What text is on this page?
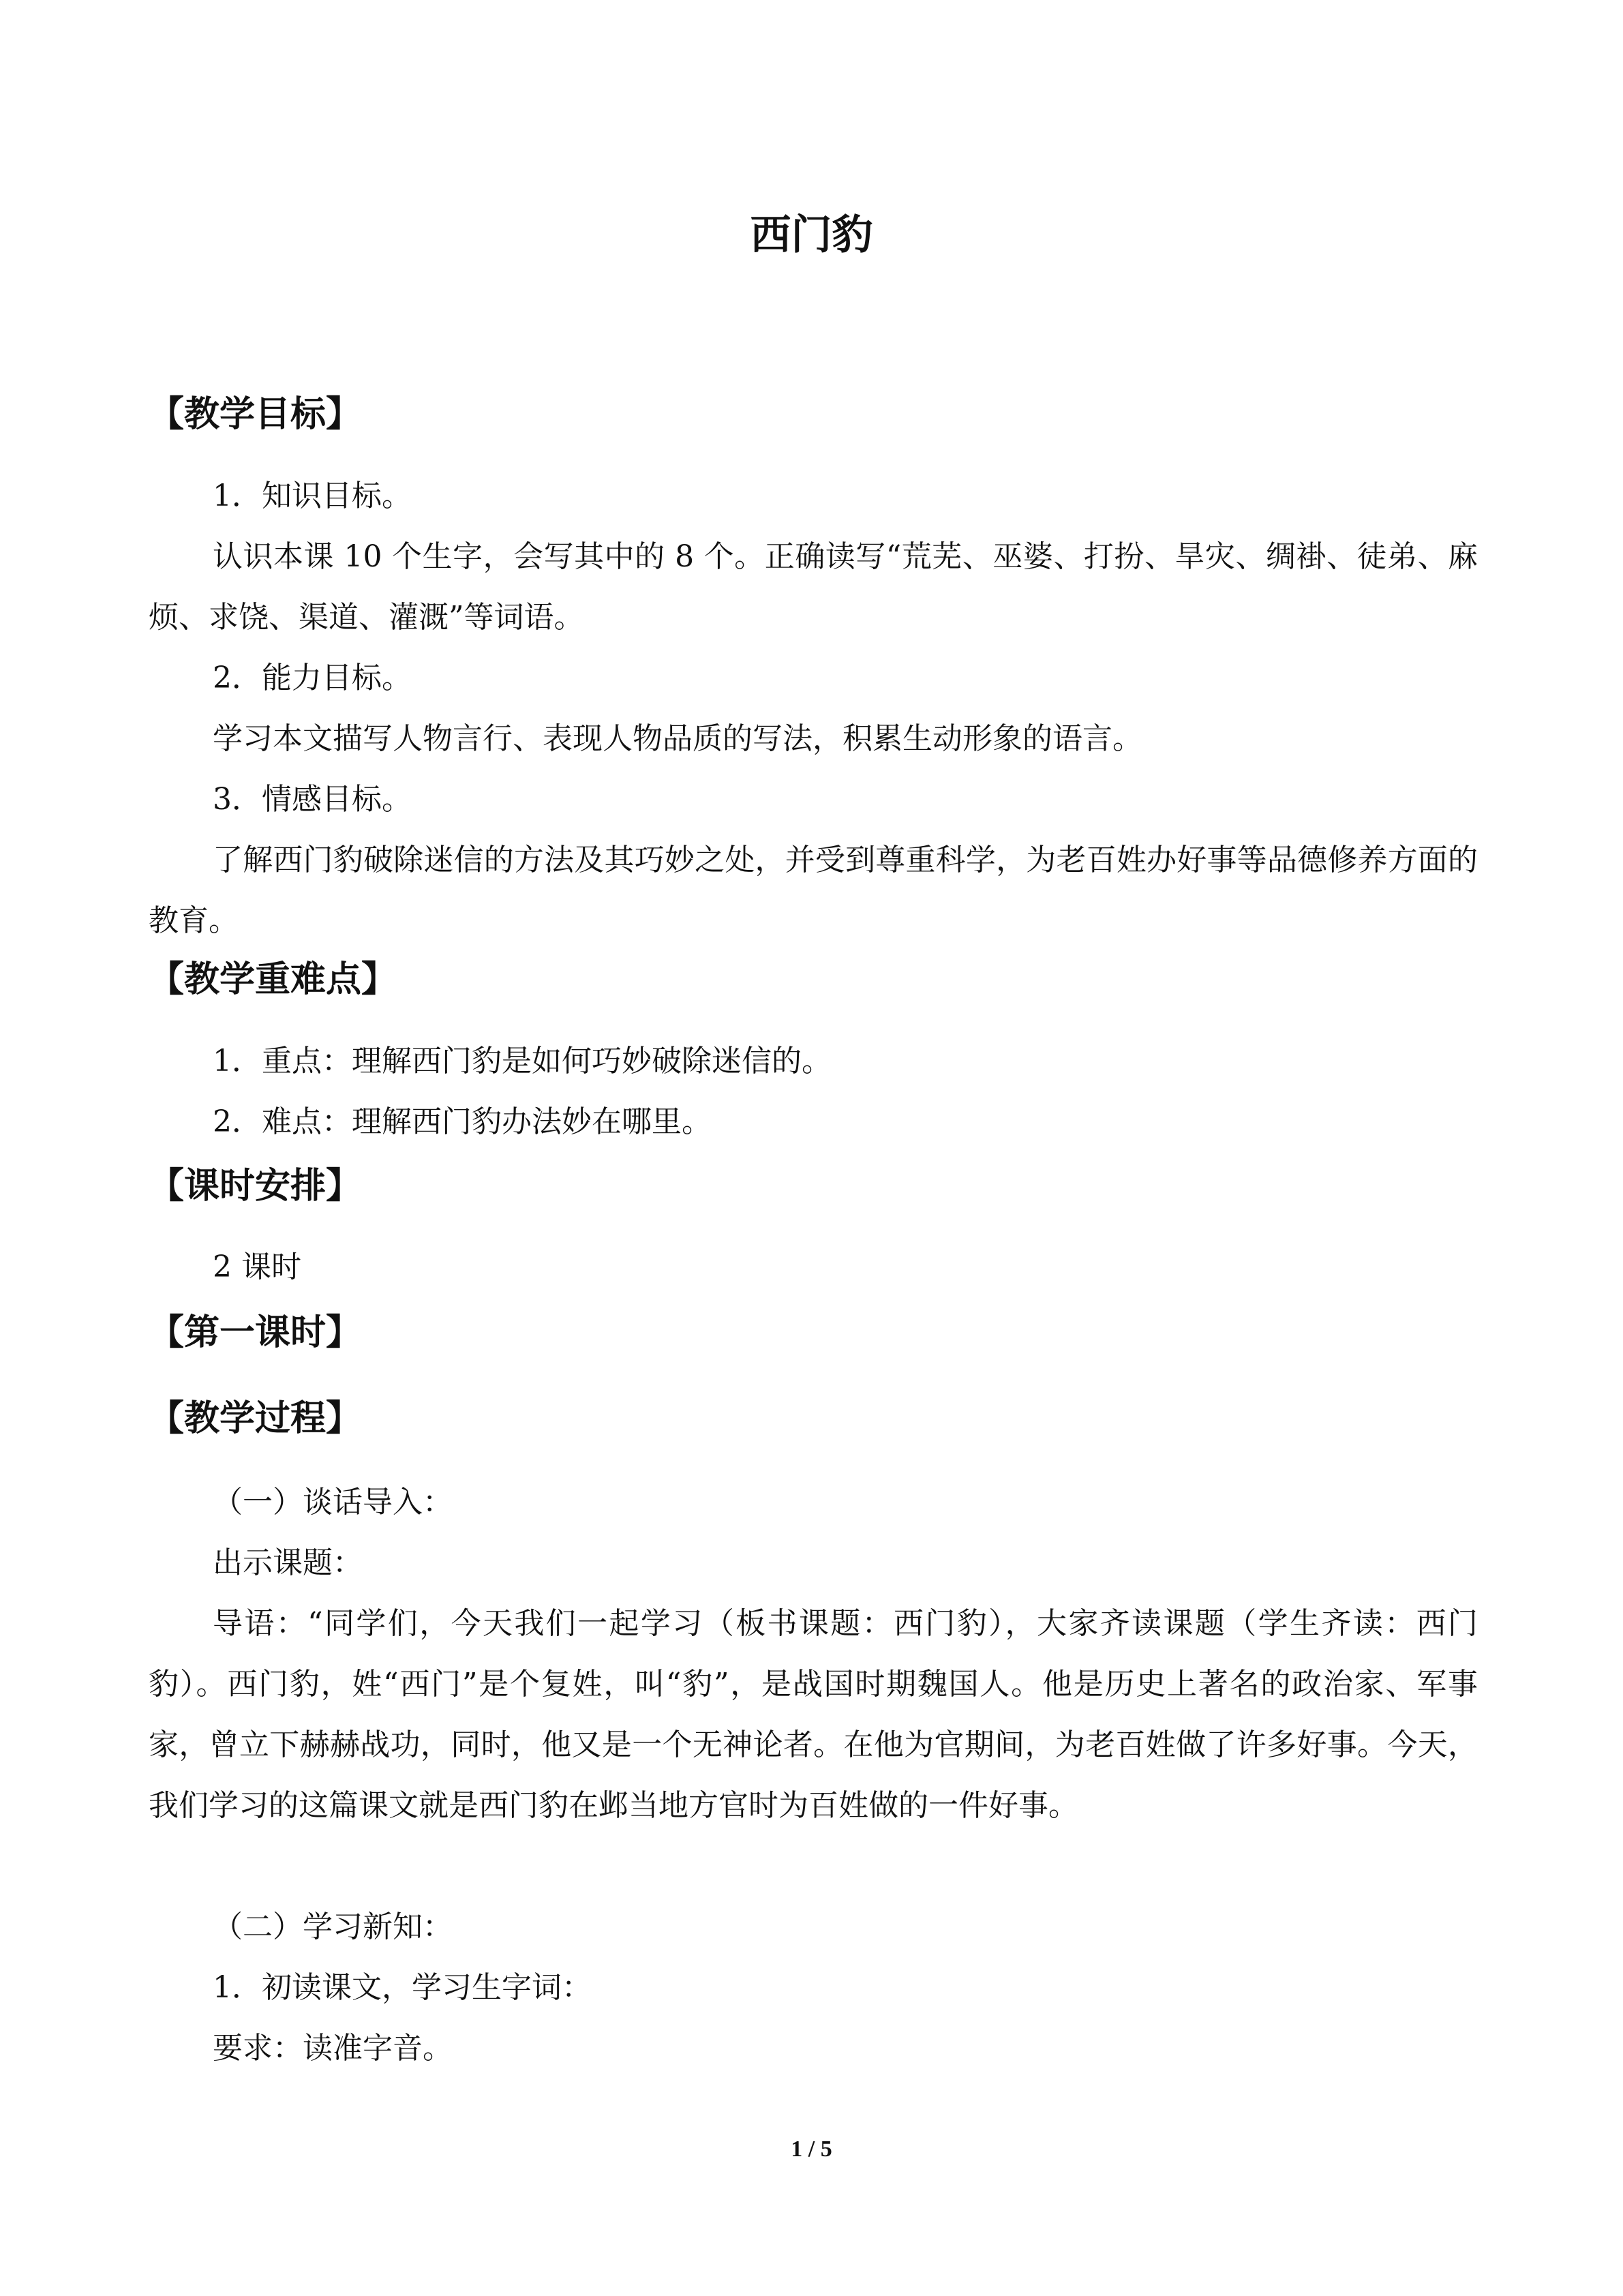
西门豹
【教学目标】

1．知识目标。

认识本课 10 个生字，会写其中的 8 个。正确读写“荒芜、巫婆、打扮、旱灾、绸褂、徒弟、麻烦、求饶、渠道、灌溉”等词语。

2．能力目标。

学习本文描写人物言行、表现人物品质的写法，积累生动形象的语言。

3．情感目标。

了解西门豹破除迷信的方法及其巧妙之处，并受到尊重科学，为老百姓办好事等品德修养方面的教育。

【教学重难点】

1．重点：理解西门豹是如何巧妙破除迷信的。

2．难点：理解西门豹办法妙在哪里。

【课时安排】

2 课时

【第一课时】
【教学过程】

（一）谈话导入：

出示课题：

导语：“同学们，今天我们一起学习（板书课题：西门豹），大家齐读课题（学生齐读：西门豹）。西门豹，姓“西门”是个复姓，叫“豹”，是战国时期魏国人。他是历史上著名的政治家、军事家，曾立下赫赫战功，同时，他又是一个无神论者。在他为官期间，为老百姓做了许多好事。今天，我们学习的这篇课文就是西门豹在邺当地方官时为百姓做的一件好事。

（二）学习新知：

1．初读课文，学习生字词：

要求：读准字音。

1 / 5
